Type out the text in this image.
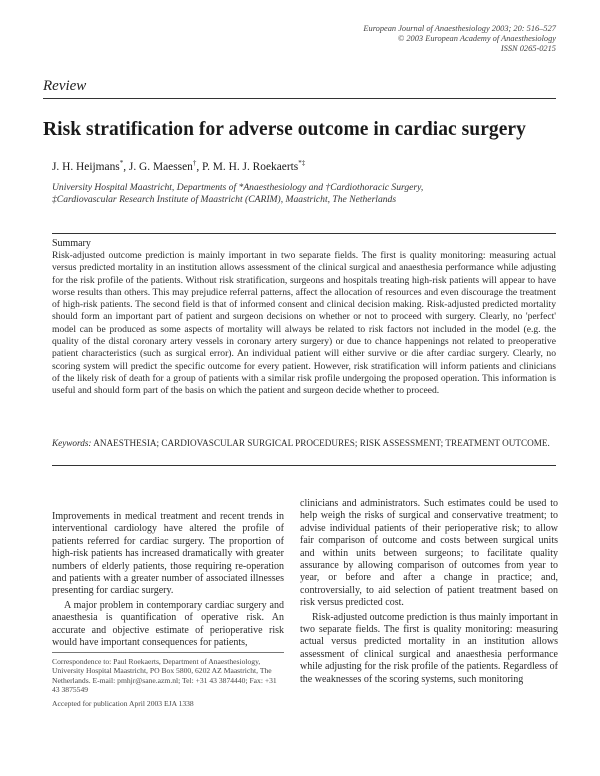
European Journal of Anaesthesiology 2003; 20: 516–527
© 2003 European Academy of Anaesthesiology
ISSN 0265-0215
Review
Risk stratification for adverse outcome in cardiac surgery
J. H. Heijmans*, J. G. Maessen†, P. M. H. J. Roekaerts*‡
University Hospital Maastricht, Departments of *Anaesthesiology and †Cardiothoracic Surgery,
‡Cardiovascular Research Institute of Maastricht (CARIM), Maastricht, The Netherlands
Summary
Risk-adjusted outcome prediction is mainly important in two separate fields. The first is quality monitoring: measuring actual versus predicted mortality in an institution allows assessment of the clinical surgical and anaesthesia performance while adjusting for the risk profile of the patients. Without risk stratification, surgeons and hospitals treating high-risk patients will appear to have worse results than others. This may prejudice referral patterns, affect the allocation of resources and even discourage the treatment of high-risk patients. The second field is that of informed consent and clinical decision making. Risk-adjusted predicted mortality should form an important part of patient and surgeon decisions on whether or not to proceed with surgery. Clearly, no 'perfect' model can be produced as some aspects of mortality will always be related to risk factors not included in the model (e.g. the quality of the distal coronary artery vessels in coronary artery surgery) or due to chance happenings not related to preoperative patient characteristics (such as surgical error). An individual patient will either survive or die after cardiac surgery. Clearly, no scoring system will predict the specific outcome for every patient. However, risk stratification will inform patients and clinicians of the likely risk of death for a group of patients with a similar risk profile undergoing the proposed operation. This information is useful and should form part of the basis on which the patient and surgeon decide whether to proceed.
Keywords: ANAESTHESIA; CARDIOVASCULAR SURGICAL PROCEDURES; RISK ASSESSMENT; TREATMENT OUTCOME.

Improvements in medical treatment and recent trends in interventional cardiology have altered the profile of patients referred for cardiac surgery. The proportion of high-risk patients has increased dramatically with greater numbers of elderly patients, those requiring re-operation and patients with a greater number of associated illnesses presenting for cardiac surgery.

A major problem in contemporary cardiac surgery and anaesthesia is quantification of operative risk. An accurate and objective estimate of perioperative risk would have important consequences for patients,

clinicians and administrators. Such estimates could be used to help weigh the risks of surgical and conservative treatment; to advise individual patients of their perioperative risk; to allow fair comparison of outcome and costs between surgical units and within units between surgeons; to facilitate quality assurance by allowing comparison of outcomes from year to year, or before and after a change in practice; and, controversially, to aid selection of patient treatment based on risk versus predicted cost.

Risk-adjusted outcome prediction is thus mainly important in two separate fields. The first is quality monitoring: measuring actual versus predicted mortality in an institution allows assessment of clinical surgical and anaesthesia performance while adjusting for the risk profile of the patients. Regardless of the weaknesses of the scoring systems, such monitoring

Correspondence to: Paul Roekaerts, Department of Anaesthesiology, University Hospital Maastricht, PO Box 5800, 6202 AZ Maastricht, The Netherlands. E-mail: pmhjr@sane.azm.nl; Tel: +31 43 3874440; Fax: +31 43 3875549
Accepted for publication April 2003 EJA 1338
